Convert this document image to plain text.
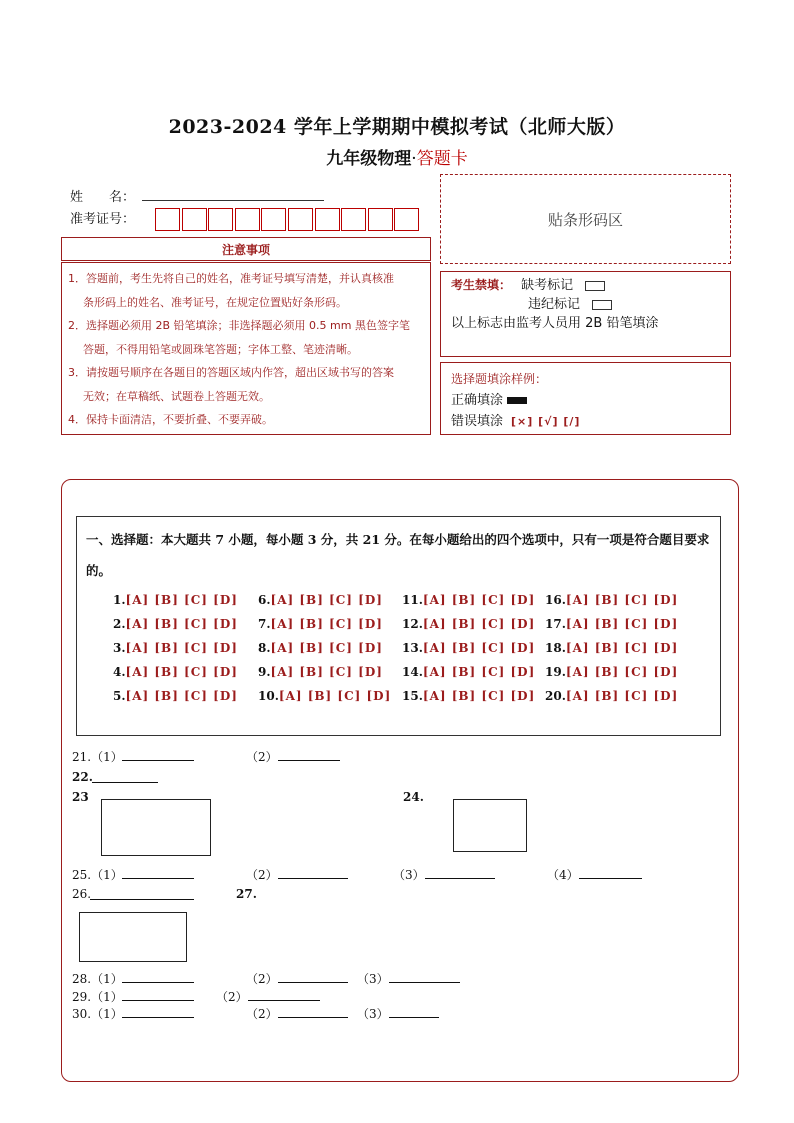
2023-2024 学年上学期期中模拟考试（北师大版）
九年级物理·答题卡
姓　　名：
准考证号：	贴条形码区
注意事项

1．答题前，考生先将自己的姓名，准考证号填写清楚，并认真核准

条形码上的姓名、准考证号，在规定位置贴好条形码。

2．选择题必须用 2B 铅笔填涂；非选择题必须用 0.5 mm 黑色签字笔

答题，不得用铅笔或圆珠笔答题；字体工整、笔迹清晰。

3．请按题号顺序在各题目的答题区域内作答，超出区域书写的答案

无效；在草稿纸、试题卷上答题无效。

4．保持卡面清洁，不要折叠、不要弄破。

考生禁填： 缺考标记
违纪标记
以上标志由监考人员用 2B 铅笔填涂
选择题填涂样例：
正确填涂
错误填涂 [×] [√] [/]
一、选择题：本大题共 7 小题，每小题 3 分，共 21 分。在每小题给出的四个选项中，只有一项是符合题目要求的。
1.[A] [B] [C] [D]
2.[A] [B] [C] [D]
3.[A] [B] [C] [D]
4.[A] [B] [C] [D]
5.[A] [B] [C] [D]
6.[A] [B] [C] [D]
7.[A] [B] [C] [D]
8.[A] [B] [C] [D]
9.[A] [B] [C] [D]
10.[A] [B] [C] [D]
11.[A] [B] [C] [D]
12.[A] [B] [C] [D]
13.[A] [B] [C] [D]
14.[A] [B] [C] [D]
15.[A] [B] [C] [D]
16.[A] [B] [C] [D]
17.[A] [B] [C] [D]
18.[A] [B] [C] [D]
19.[A] [B] [C] [D]
20.[A] [B] [C] [D]
21.（1）	（2）
22.
23	24.
25.（1）	（2）	（3）	（4）
26.	27.
28.（1）	（2）	（3）
29.（1）	（2）
30.（1）	（2）	（3）
